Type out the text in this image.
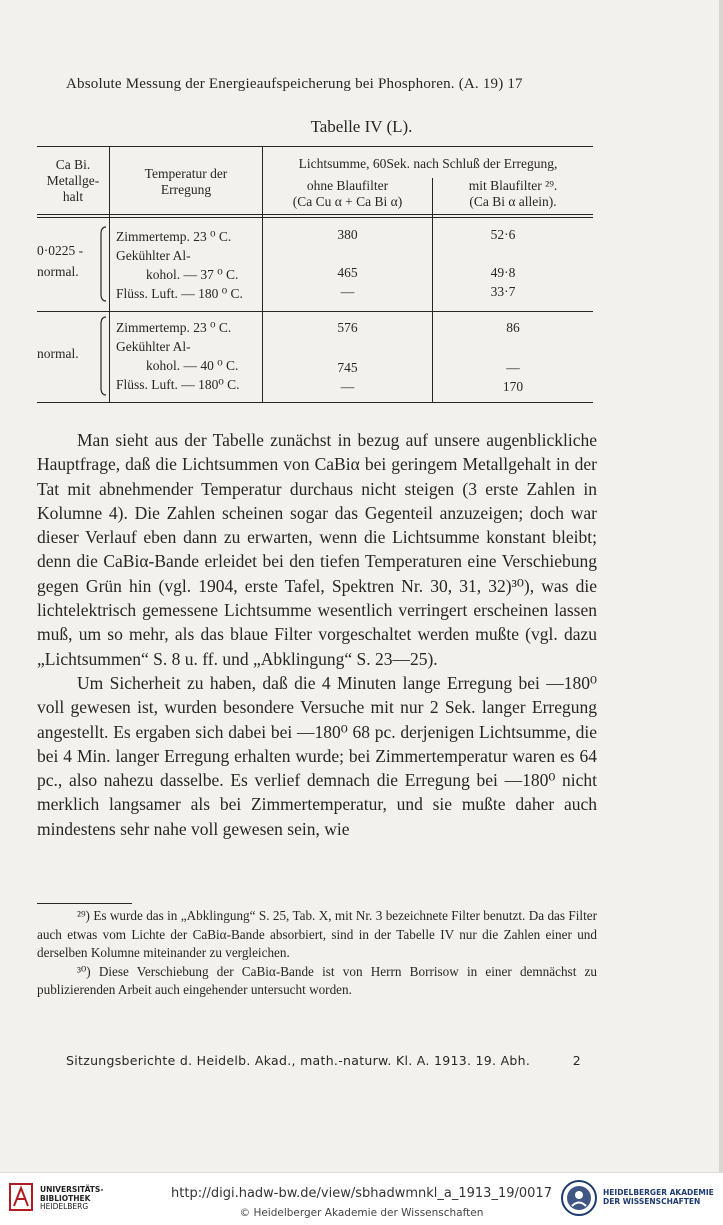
Absolute Messung der Energieaufspeicherung bei Phosphoren. (A. 19) 17
Tabelle IV (L).
Ca Bi.
Metallge-
halt
Temperatur der
Erregung
Lichtsumme, 60Sek. nach Schluß der Erregung,
ohne Blaufilter
(Ca Cu α + Ca Bi α)
mit Blaufilter ²⁹.
(Ca Bi α allein).
0·0225 -
normal.
Zimmertemp. 23 ⁰ C.
Gekühlter Al-
kohol. — 37 ⁰ C.
Flüss. Luft. — 180 ⁰ C.
380
465
—
52·6
49·8
33·7
normal.
Zimmertemp. 23 ⁰ C.
Gekühlter Al-
kohol. — 40 ⁰ C.
Flüss. Luft. — 180⁰ C.
576
745
—
86
—
170

Man sieht aus der Tabelle zunächst in bezug auf unsere augenblickliche Hauptfrage, daß die Lichtsummen von CaBiα bei geringem Metallgehalt in der Tat mit abnehmender Temperatur durchaus nicht steigen (3 erste Zahlen in Kolumne 4). Die Zahlen scheinen sogar das Gegenteil anzuzeigen; doch war dieser Verlauf eben dann zu erwarten, wenn die Lichtsumme konstant bleibt; denn die CaBiα-Bande erleidet bei den tiefen Temperaturen eine Verschiebung gegen Grün hin (vgl. 1904, erste Tafel, Spektren Nr. 30, 31, 32)³⁰), was die lichtelektrisch gemessene Lichtsumme wesentlich verringert erscheinen lassen muß, um so mehr, als das blaue Filter vorgeschaltet werden mußte (vgl. dazu „Lichtsummen“ S. 8 u. ff. und „Abklingung“ S. 23—25).

Um Sicherheit zu haben, daß die 4 Minuten lange Erregung bei —180⁰ voll gewesen ist, wurden besondere Versuche mit nur 2 Sek. langer Erregung angestellt. Es ergaben sich dabei bei —180⁰ 68 pc. derjenigen Lichtsumme, die bei 4 Min. langer Erregung erhalten wurde; bei Zimmertemperatur waren es 64 pc., also nahezu dasselbe. Es verlief demnach die Erregung bei —180⁰ nicht merklich langsamer als bei Zimmertemperatur, und sie mußte daher auch mindestens sehr nahe voll gewesen sein, wie

²⁹) Es wurde das in „Abklingung“ S. 25, Tab. X, mit Nr. 3 bezeichnete Filter benutzt. Da das Filter auch etwas vom Lichte der CaBiα-Bande absorbiert, sind in der Tabelle IV nur die Zahlen einer und derselben Kolumne miteinander zu vergleichen.

³⁰) Diese Verschiebung der CaBiα-Bande ist von Herrn Borrisow in einer demnächst zu publizierenden Arbeit auch eingehender untersucht worden.

Sitzungsberichte d. Heidelb. Akad., math.-naturw. Kl. A. 1913. 19. Abh.	2
UNIVERSITÄTS-
BIBLIOTHEK
HEIDELBERG
http://digi.hadw-bw.de/view/sbhadwmnkl_a_1913_19/0017
© Heidelberger Akademie der Wissenschaften
HEIDELBERGER AKADEMIE
DER WISSENSCHAFTEN
